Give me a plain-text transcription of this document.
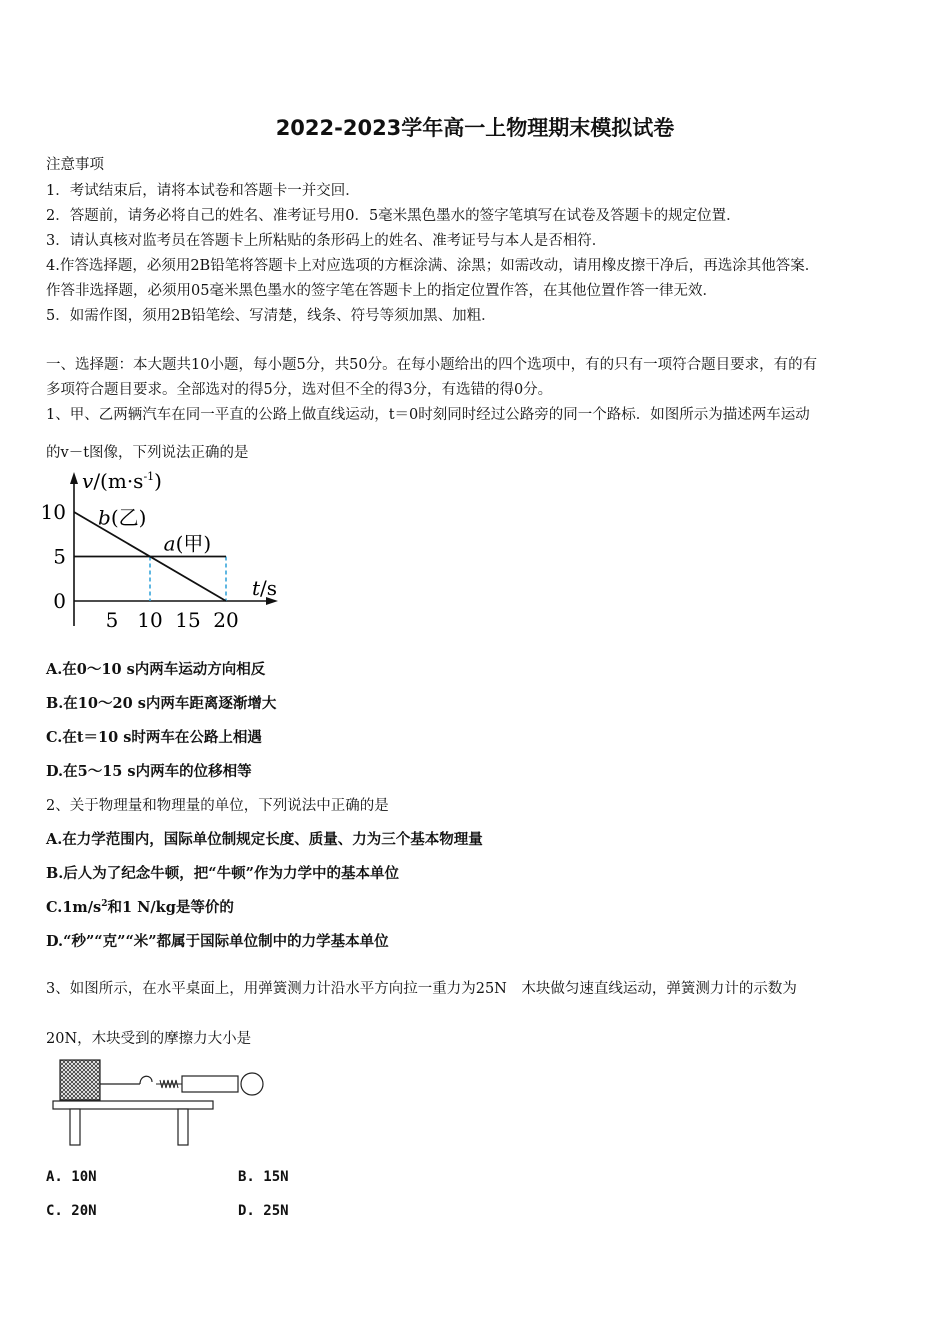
2022-2023学年高一上物理期末模拟试卷
注意事项
1．考试结束后，请将本试卷和答题卡一并交回．
2．答题前，请务必将自己的姓名、准考证号用0．5毫米黑色墨水的签字笔填写在试卷及答题卡的规定位置．
3．请认真核对监考员在答题卡上所粘贴的条形码上的姓名、准考证号与本人是否相符．
4.作答选择题，必须用2B铅笔将答题卡上对应选项的方框涂满、涂黑；如需改动，请用橡皮擦干净后，再选涂其他答案．
作答非选择题，必须用05毫米黑色墨水的签字笔在答题卡上的指定位置作答，在其他位置作答一律无效．
5．如需作图，须用2B铅笔绘、写清楚，线条、符号等须加黑、加粗．
一、选择题：本大题共10小题，每小题5分，共50分。在每小题给出的四个选项中，有的只有一项符合题目要求，有的有
多项符合题目要求。全部选对的得5分，选对但不全的得3分，有选错的得0分。
1、甲、乙两辆汽车在同一平直的公路上做直线运动，t＝0时刻同时经过公路旁的同一个路标．如图所示为描述两车运动
的v－t图像，下列说法正确的是
$v/(m\cdot s^{-1})$
t/s
5 10 15 20
10
5
0
b(乙)
a(甲)
A.在0～10 s内两车运动方向相反
B.在10～20 s内两车距离逐渐增大
C.在t＝10 s时两车在公路上相遇
D.在5～15 s内两车的位移相等
2、关于物理量和物理量的单位，下列说法中正确的是
A.在力学范围内，国际单位制规定长度、质量、力为三个基本物理量
B.后人为了纪念牛顿，把“牛顿”作为力学中的基本单位
$C.1m/s^2$和1 N/kg是等价的
D.“秒”“克”“米”都属于国际单位制中的力学基本单位
3、如图所示，在水平桌面上，用弹簧测力计沿水平方向拉一重力为25N　木块做匀速直线运动，弹簧测力计的示数为
20N，木块受到的摩擦力大小是
A. 10N	B. 15N
C. 20N	D. 25N
